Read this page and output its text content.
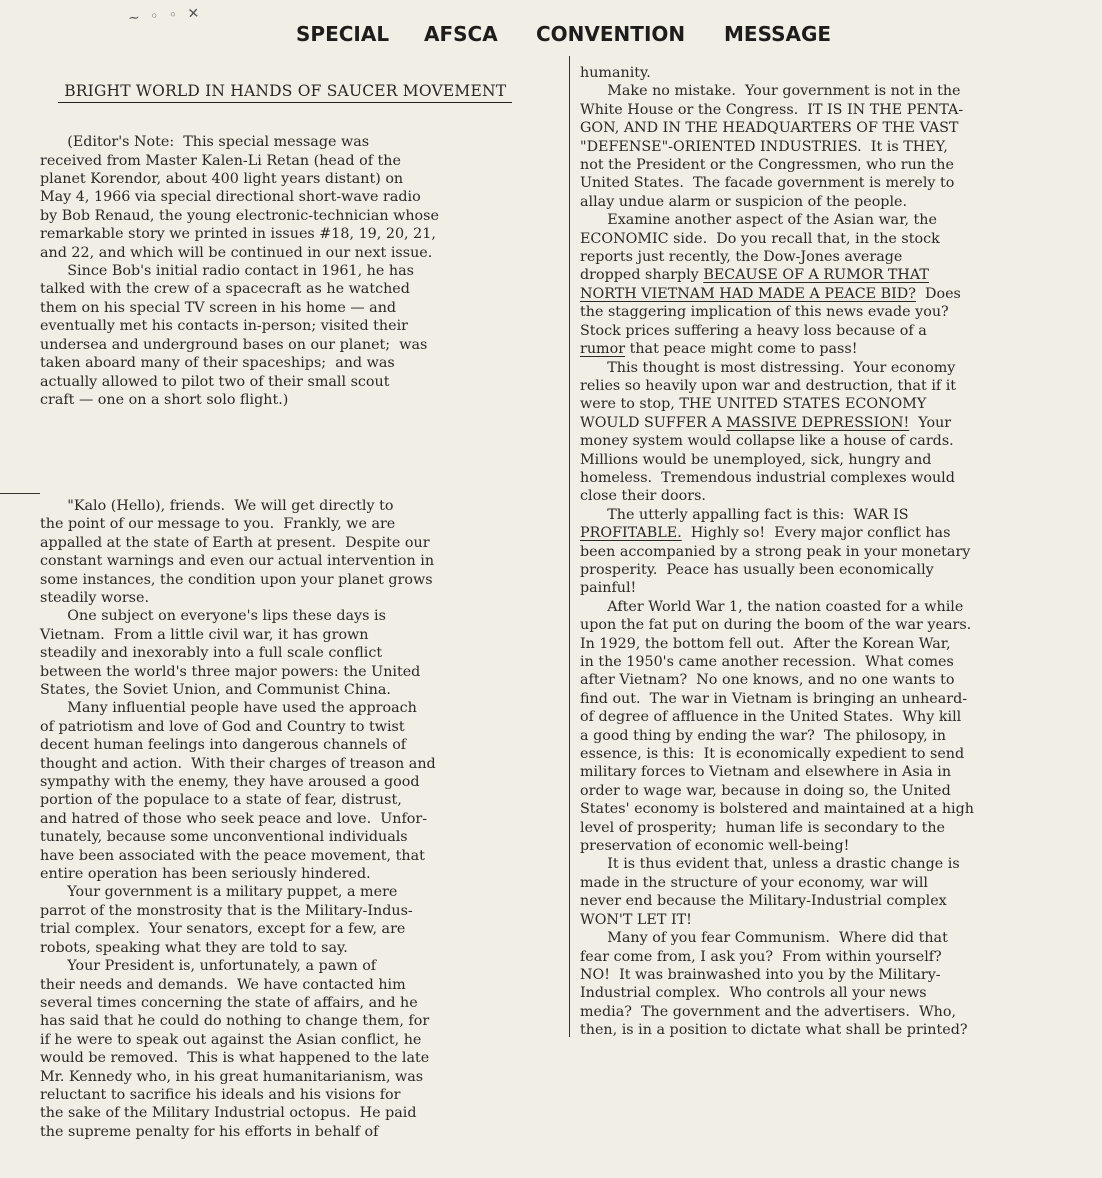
~ ◦ ◦ ✕
SPECIAL AFSCA CONVENTION MESSAGE

BRIGHT WORLD IN HANDS OF SAUCER MOVEMENT

(Editor's Note:  This special message was
received from Master Kalen-Li Retan (head of the
planet Korendor, about 400 light years distant) on
May 4, 1966 via special directional short-wave radio
by Bob Renaud, the young electronic-technician whose
remarkable story we printed in issues #18, 19, 20, 21,
and 22, and which will be continued in our next issue.
Since Bob's initial radio contact in 1961, he has
talked with the crew of a spacecraft as he watched
them on his special TV screen in his home — and
eventually met his contacts in-person; visited their
undersea and underground bases on our planet;  was
taken aboard many of their spaceships;  and was
actually allowed to pilot two of their small scout
craft — one on a short solo flight.)

"Kalo (Hello), friends.  We will get directly to
the point of our message to you.  Frankly, we are
appalled at the state of Earth at present.  Despite our
constant warnings and even our actual intervention in
some instances, the condition upon your planet grows
steadily worse.
One subject on everyone's lips these days is
Vietnam.  From a little civil war, it has grown
steadily and inexorably into a full scale conflict
between the world's three major powers: the United
States, the Soviet Union, and Communist China.
Many influential people have used the approach
of patriotism and love of God and Country to twist
decent human feelings into dangerous channels of
thought and action.  With their charges of treason and
sympathy with the enemy, they have aroused a good
portion of the populace to a state of fear, distrust,
and hatred of those who seek peace and love.  Unfor-
tunately, because some unconventional individuals
have been associated with the peace movement, that
entire operation has been seriously hindered.
Your government is a military puppet, a mere
parrot of the monstrosity that is the Military-Indus-
trial complex.  Your senators, except for a few, are
robots, speaking what they are told to say.
Your President is, unfortunately, a pawn of
their needs and demands.  We have contacted him
several times concerning the state of affairs, and he
has said that he could do nothing to change them, for
if he were to speak out against the Asian conflict, he
would be removed.  This is what happened to the late
Mr. Kennedy who, in his great humanitarianism, was
reluctant to sacrifice his ideals and his visions for
the sake of the Military Industrial octopus.  He paid
the supreme penalty for his efforts in behalf of

humanity.
Make no mistake.  Your government is not in the
White House or the Congress.  IT IS IN THE PENTA-
GON, AND IN THE HEADQUARTERS OF THE VAST
"DEFENSE"-ORIENTED INDUSTRIES.  It is THEY,
not the President or the Congressmen, who run the
United States.  The facade government is merely to
allay undue alarm or suspicion of the people.
Examine another aspect of the Asian war, the
ECONOMIC side.  Do you recall that, in the stock
reports just recently, the Dow-Jones average
dropped sharply BECAUSE OF A RUMOR THAT
NORTH VIETNAM HAD MADE A PEACE BID?  Does
the staggering implication of this news evade you?
Stock prices suffering a heavy loss because of a
rumor that peace might come to pass!
This thought is most distressing.  Your economy
relies so heavily upon war and destruction, that if it
were to stop, THE UNITED STATES ECONOMY
WOULD SUFFER A MASSIVE DEPRESSION!  Your
money system would collapse like a house of cards.
Millions would be unemployed, sick, hungry and
homeless.  Tremendous industrial complexes would
close their doors.
The utterly appalling fact is this:  WAR IS
PROFITABLE.  Highly so!  Every major conflict has
been accompanied by a strong peak in your monetary
prosperity.  Peace has usually been economically
painful!
After World War 1, the nation coasted for a while
upon the fat put on during the boom of the war years.
In 1929, the bottom fell out.  After the Korean War,
in the 1950's came another recession.  What comes
after Vietnam?  No one knows, and no one wants to
find out.  The war in Vietnam is bringing an unheard-
of degree of affluence in the United States.  Why kill
a good thing by ending the war?  The philosopy, in
essence, is this:  It is economically expedient to send
military forces to Vietnam and elsewhere in Asia in
order to wage war, because in doing so, the United
States' economy is bolstered and maintained at a high
level of prosperity;  human life is secondary to the
preservation of economic well-being!
It is thus evident that, unless a drastic change is
made in the structure of your economy, war will
never end because the Military-Industrial complex
WON'T LET IT!
Many of you fear Communism.  Where did that
fear come from, I ask you?  From within yourself?
NO!  It was brainwashed into you by the Military-
Industrial complex.  Who controls all your news
media?  The government and the advertisers.  Who,
then, is in a position to dictate what shall be printed?
